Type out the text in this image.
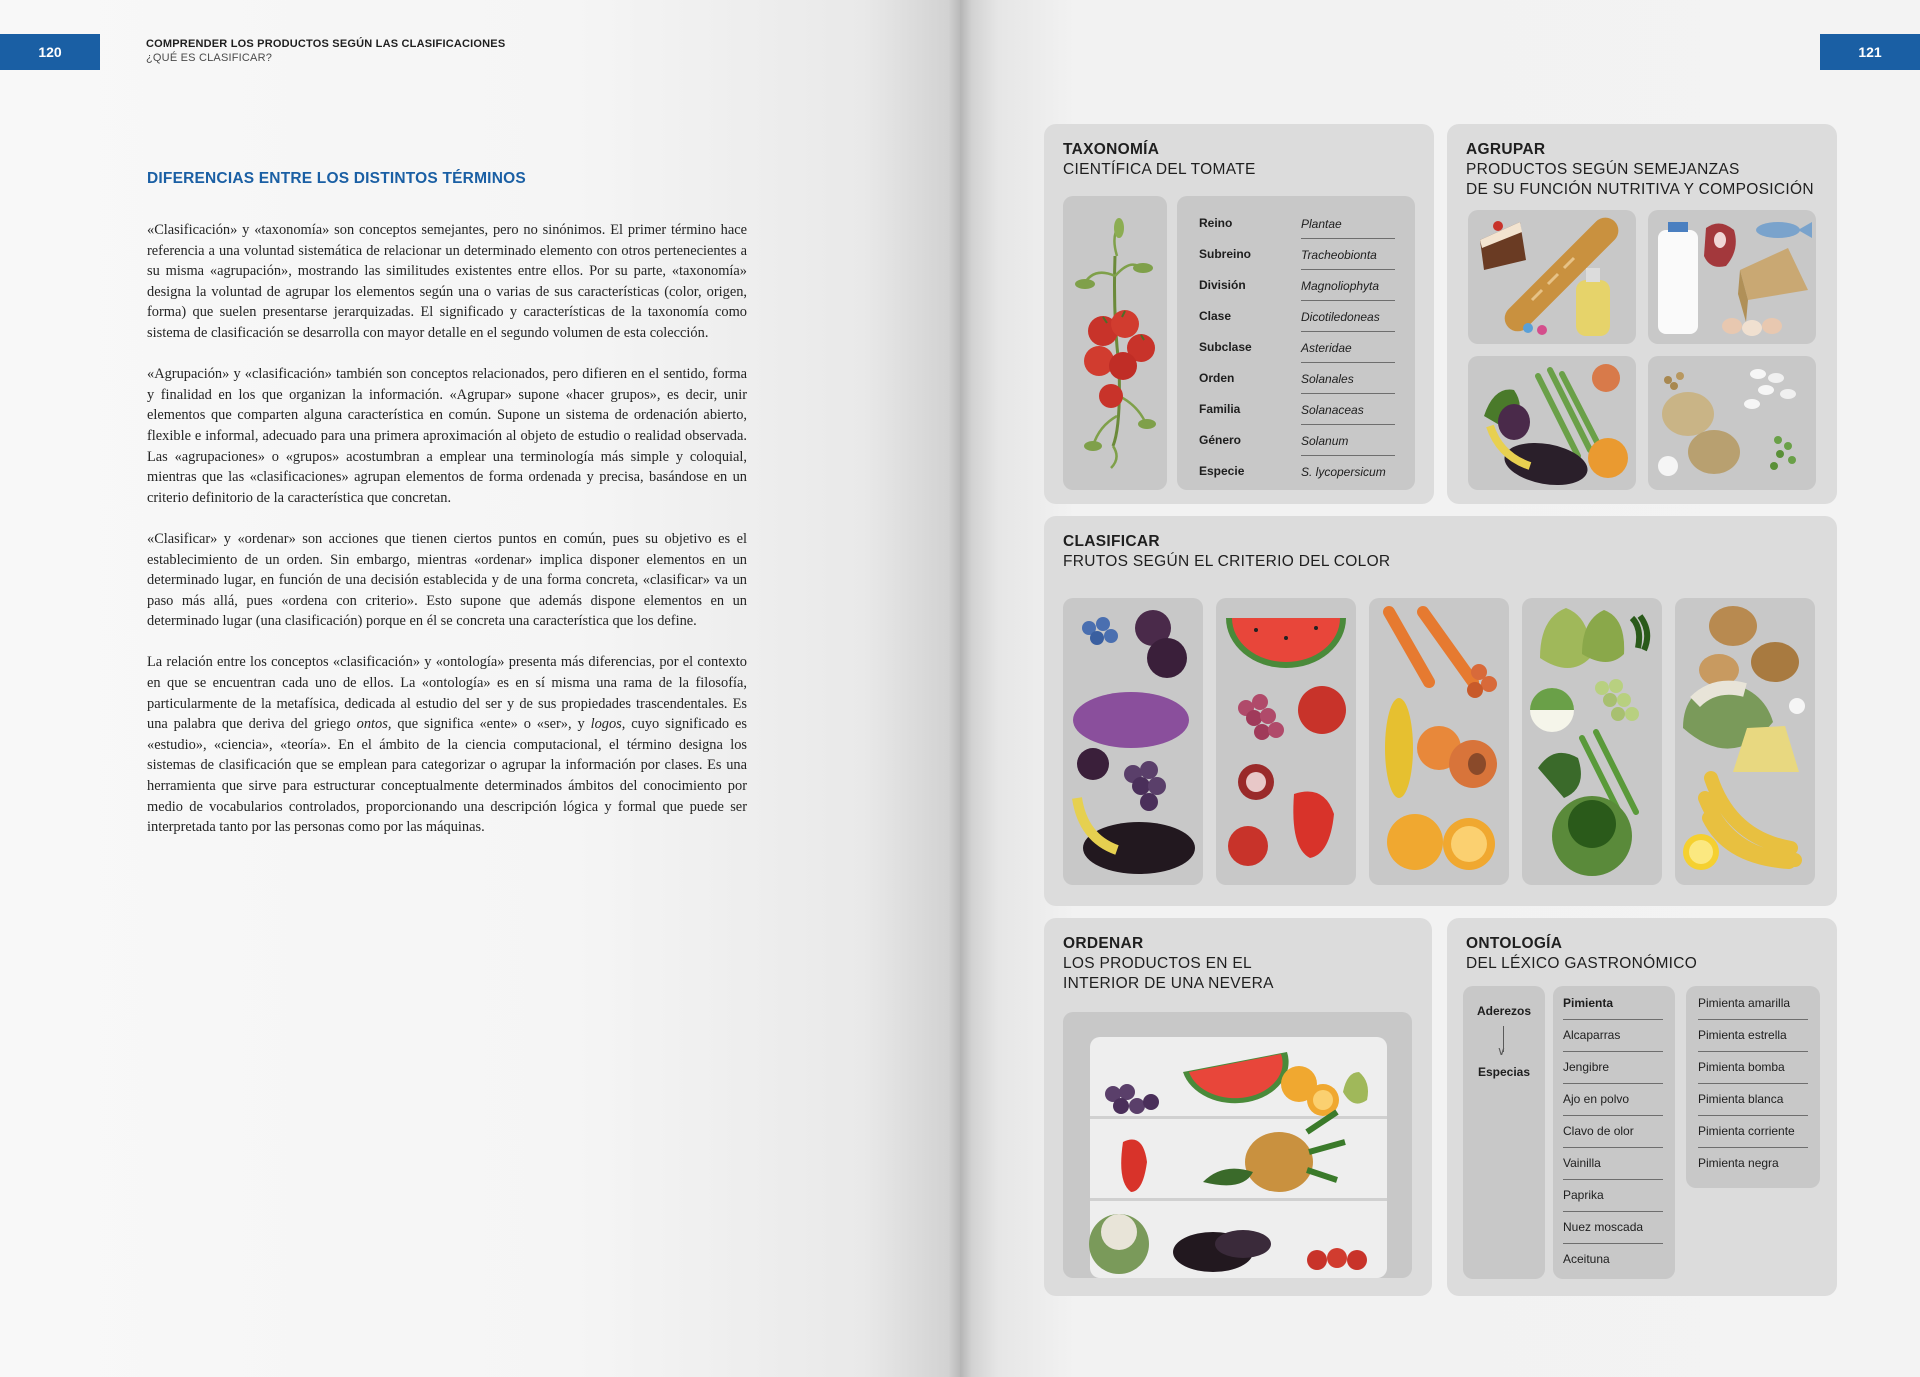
120	COMPRENDER LOS PRODUCTOS SEGÚN LAS CLASIFICACIONES
¿QUÉ ES CLASIFICAR?
DIFERENCIAS ENTRE LOS DISTINTOS TÉRMINOS

«Clasificación» y «taxonomía» son conceptos semejantes, pero no sinónimos. El primer término hace referencia a una voluntad sistemática de relacionar un determinado elemento con otros pertenecientes a su misma «agrupación», mostrando las similitudes existentes entre ellos. Por su parte, «taxonomía» designa la voluntad de agrupar los elementos según una o varias de sus características (color, origen, forma) que suelen presentarse jerarquizadas. El significado y características de la taxonomía como sistema de clasificación se desarrolla con mayor detalle en el segundo volumen de esta colección.

«Agrupación» y «clasificación» también son conceptos relacionados, pero difieren en el sentido, forma y finalidad en los que organizan la información. «Agrupar» supone «hacer grupos», es decir, unir elementos que comparten alguna característica en común. Supone un sistema de ordenación abierto, flexible e informal, adecuado para una primera aproximación al objeto de estudio o realidad observada. Las «agrupaciones» o «grupos» acostumbran a emplear una terminología más simple y coloquial, mientras que las «clasificaciones» agrupan elementos de forma ordenada y precisa, basándose en un criterio definitorio de la característica que concretan.

«Clasificar» y «ordenar» son acciones que tienen ciertos puntos en común, pues su objetivo es el establecimiento de un orden. Sin embargo, mientras «ordenar» implica disponer elementos en un determinado lugar, en función de una decisión establecida y de una forma concreta, «clasificar» va un paso más allá, pues «ordena con criterio». Esto supone que además dispone elementos en un determinado lugar (una clasificación) porque en él se concreta una característica que los define.

La relación entre los conceptos «clasificación» y «ontología» presenta más diferencias, por el contexto en que se encuentran cada uno de ellos. La «ontología» es en sí misma una rama de la filosofía, particularmente de la metafísica, dedicada al estudio del ser y de sus propiedades trascendentales. Es una palabra que deriva del griego ontos, que significa «ente» o «ser», y logos, cuyo significado es «estudio», «ciencia», «teoría». En el ámbito de la ciencia computacional, el término designa los sistemas de clasificación que se emplean para categorizar o agrupar la información por clases. Es una herramienta que sirve para estructurar conceptualmente determinados ámbitos del conocimiento por medio de vocabularios controlados, proporcionando una descripción lógica y formal que puede ser interpretada tanto por las personas como por las máquinas.

121
TAXONOMÍA
CIENTÍFICA DEL TOMATE
Reino	Plantae
Subreino	Tracheobionta
División	Magnoliophyta
Clase	Dicotiledoneas
Subclase	Asteridae
Orden	Solanales
Familia	Solanaceas
Género	Solanum
Especie	S. lycopersicum
AGRUPAR
PRODUCTOS SEGÚN SEMEJANZAS
DE SU FUNCIÓN NUTRITIVA Y COMPOSICIÓN
CLASIFICAR
FRUTOS SEGÚN EL CRITERIO DEL COLOR
ORDENAR
LOS PRODUCTOS EN EL
INTERIOR DE UNA NEVERA
ONTOLOGÍA
DEL LÉXICO GASTRONÓMICO
Aderezos
∨
Especias
Pimienta
Alcaparras
Jengibre
Ajo en polvo
Clavo de olor
Vainilla
Paprika
Nuez moscada
Aceituna
Pimienta amarilla
Pimienta estrella
Pimienta bomba
Pimienta blanca
Pimienta corriente
Pimienta negra
